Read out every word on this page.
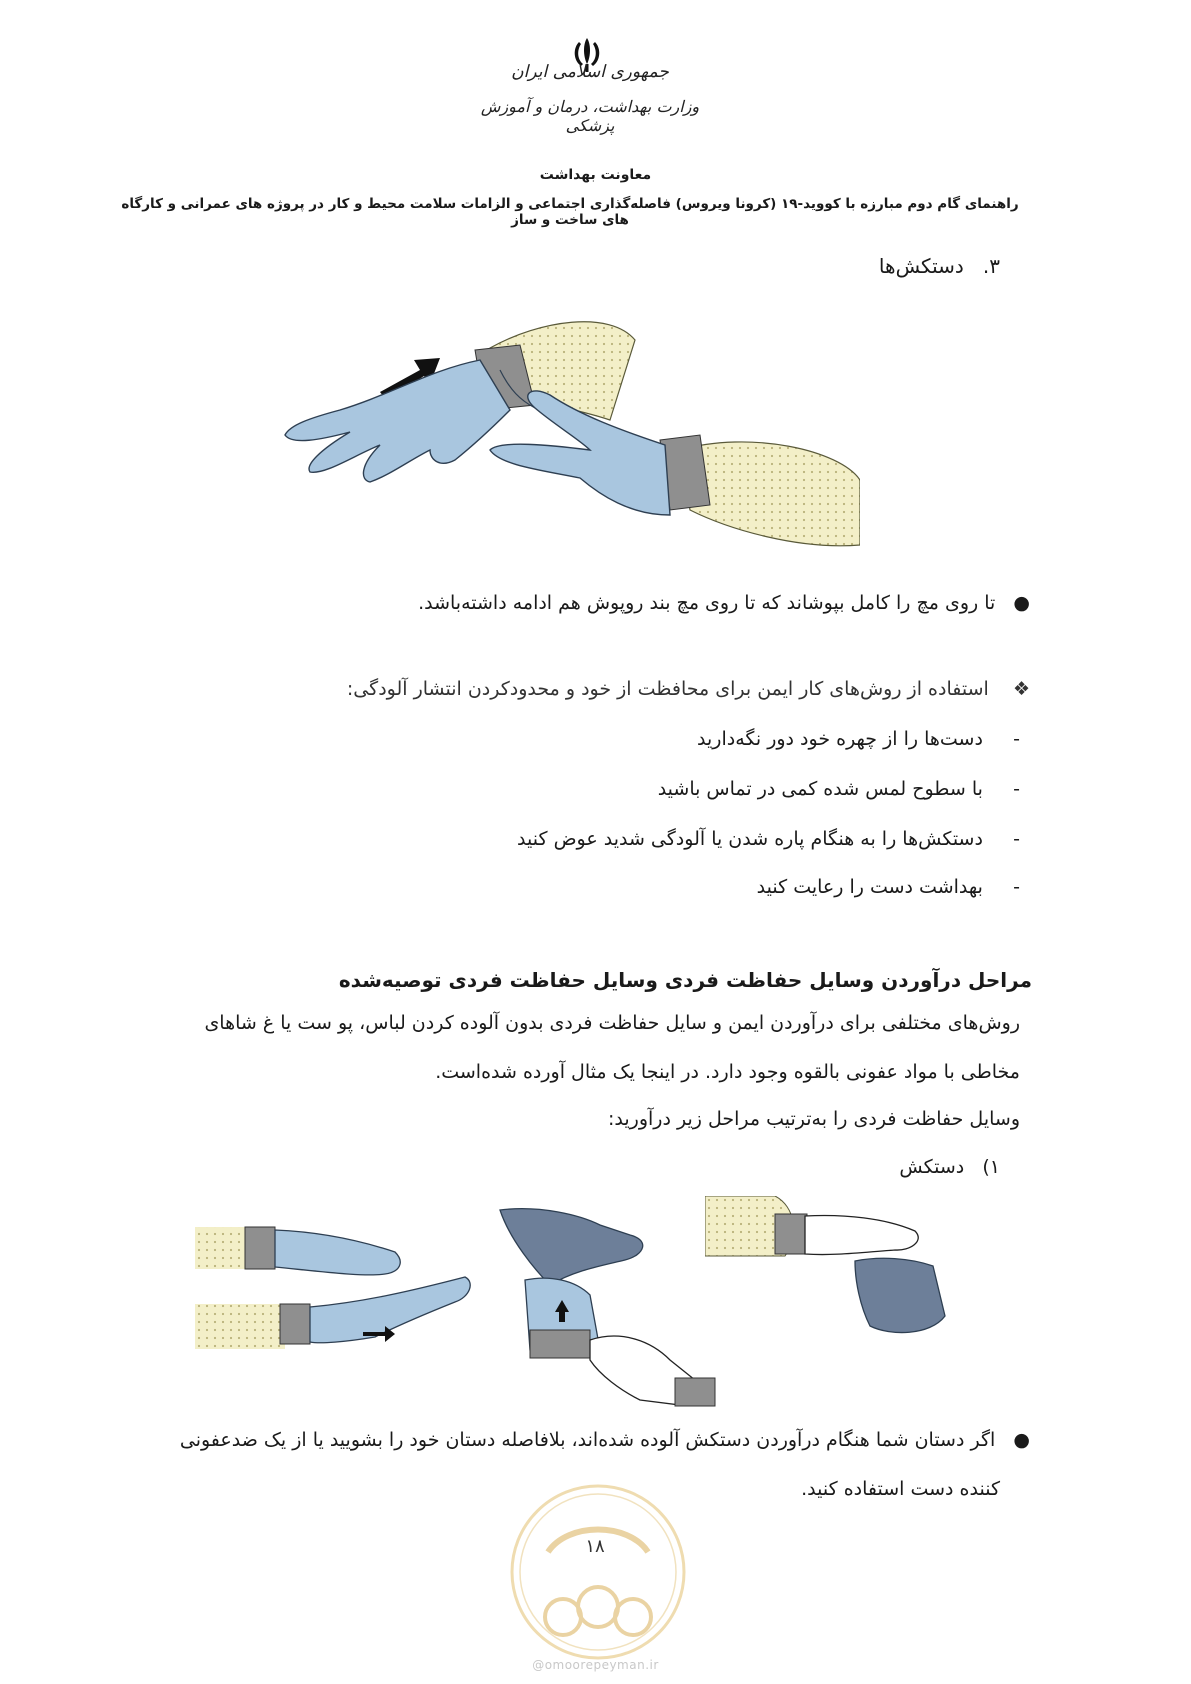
جمهوری اسلامی ایران
وزارت بهداشت، درمان و آموزش پزشکی
معاونت بهداشت
راهنمای گام دوم مبارزه با کووید-۱۹ (کرونا ویروس) فاصله‌گذاری اجتماعی و الزامات سلامت محیط و کار در پروژه های عمرانی و کارگاه های ساخت و ساز
۳.   دستکش‌ها
●   تا روی مچ را کامل بپوشاند که تا روی مچ بند روپوش هم ادامه داشته‌باشد.
❖    استفاده از روش‌های کار ایمن برای محافظت از خود و محدودکردن انتشار آلودگی:
-     دست‌ها را از چهره خود دور نگه‌دارید
-     با سطوح لمس شده کمی در تماس باشید
-     دستکش‌ها را به هنگام پاره شدن یا آلودگی شدید عوض کنید
-     بهداشت دست را رعایت کنید
مراحل درآوردن وسایل حفاظت فردی وسایل حفاظت فردی توصیه‌شده
روش‌های مختلفی برای درآوردن ایمن و سایل حفاظت فردی بدون آلوده کردن لباس، پو ست یا غ شاهای
مخاطی با مواد عفونی بالقوه وجود دارد. در اینجا یک مثال آورده شده‌است.
وسایل حفاظت فردی را به‌ترتیب مراحل زیر درآورید:
۱)   دستکش
●   اگر دستان شما هنگام درآوردن دستکش آلوده شده‌اند، بلافاصله دستان خود را بشویید یا از یک ضدعفونی
کننده دست استفاده کنید.
۱۸
@omoorepeyman.ir
